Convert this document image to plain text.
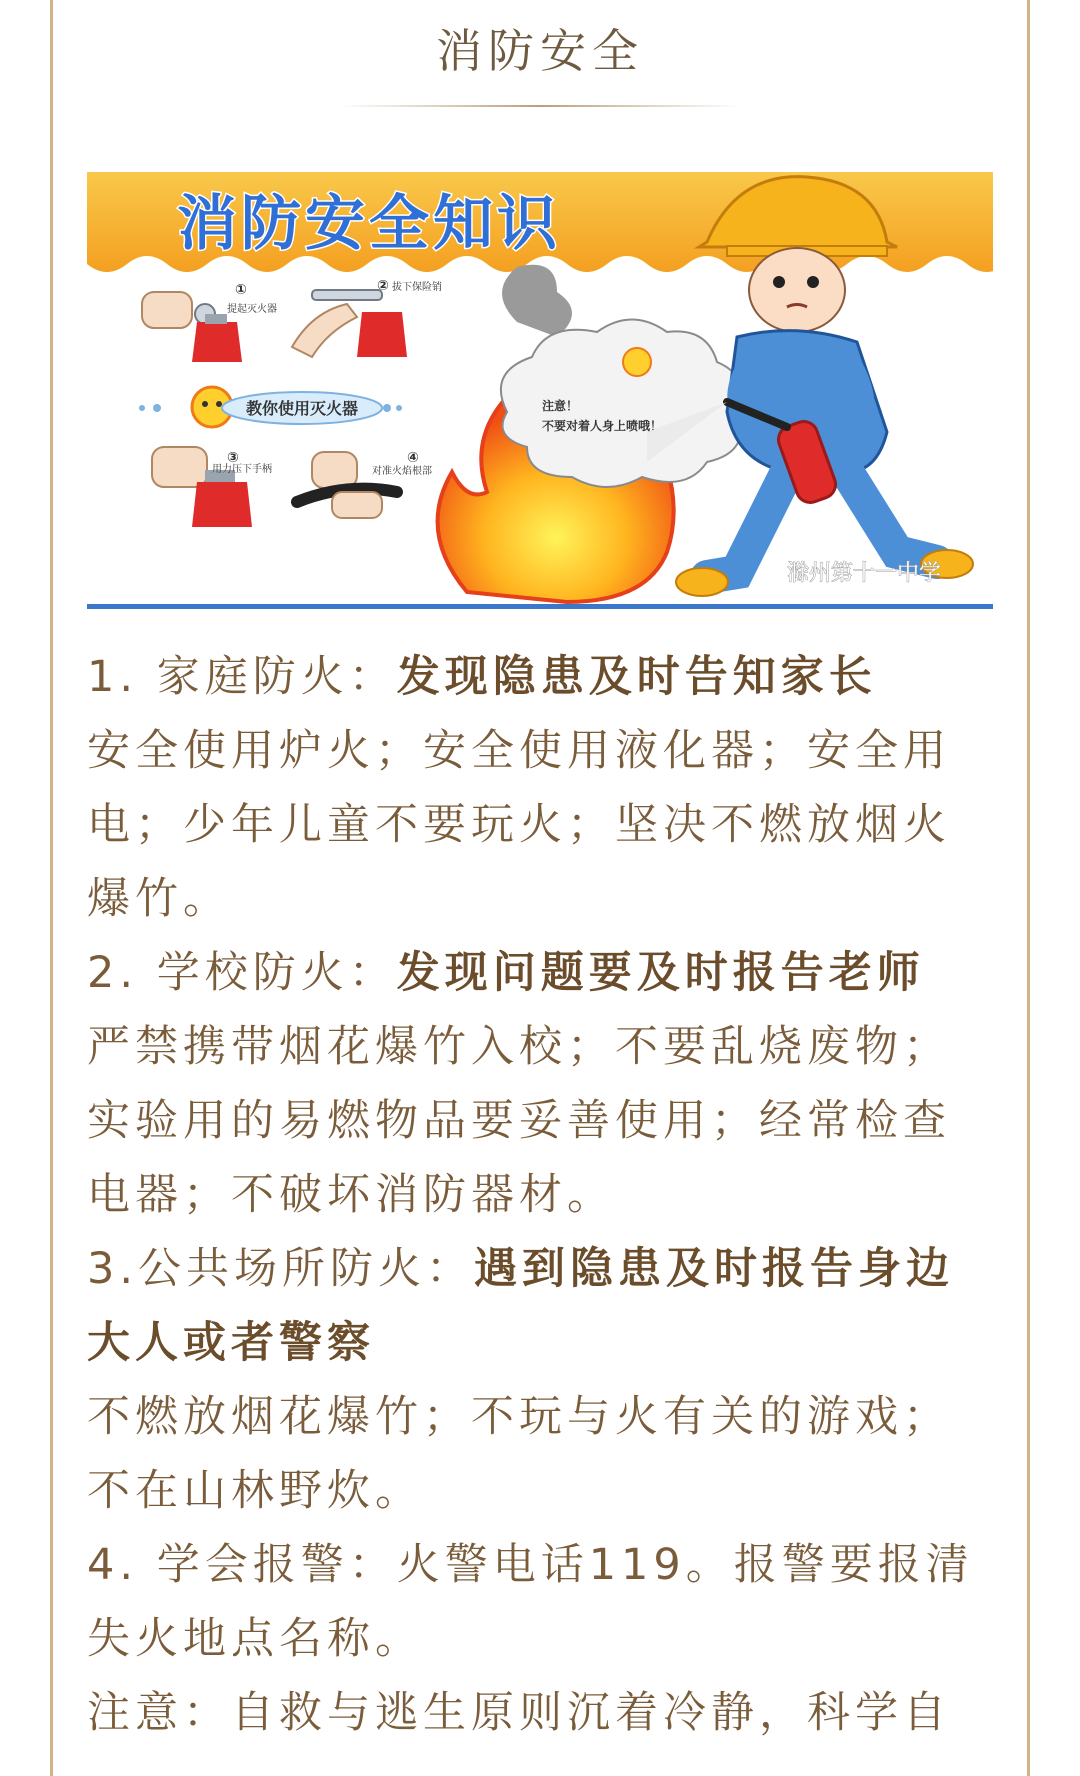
消防安全
消防安全知识
①
提起灭火器
② 拔下保险销
教你使用灭火器
③
用力压下手柄
④
对准火焰根部
注意！
不要对着人身上喷哦！
滁州第十一中学

1. 家庭防火：发现隐患及时告知家长
安全使用炉火；安全使用液化器；安全用电；少年儿童不要玩火；坚决不燃放烟火爆竹。

2. 学校防火：发现问题要及时报告老师
严禁携带烟花爆竹入校；不要乱烧废物；实验用的易燃物品要妥善使用；经常检查电器；不破坏消防器材。

3.公共场所防火：遇到隐患及时报告身边大人或者警察
不燃放烟花爆竹；不玩与火有关的游戏；不在山林野炊。

4. 学会报警：火警电话119。报警要报清失火地点名称。

注意：自救与逃生原则沉着冷静，科学自
